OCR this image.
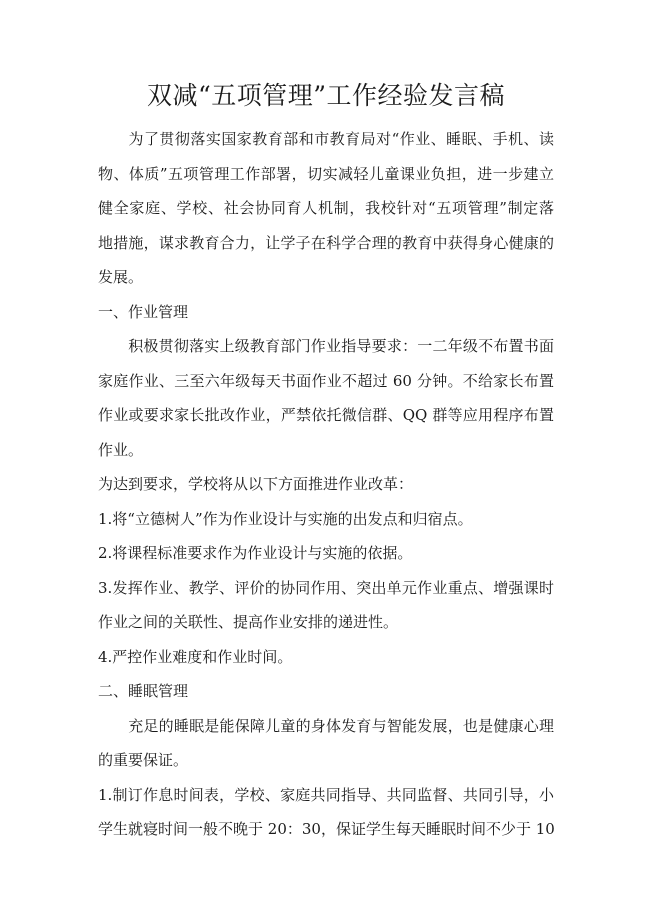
双减“五项管理”工作经验发言稿

为了贯彻落实国家教育部和市教育局对“作业、睡眠、手机、读
物、体质”五项管理工作部署，切实减轻儿童课业负担，进一步建立
健全家庭、学校、社会协同育人机制，我校针对“五项管理”制定落
地措施，谋求教育合力，让学子在科学合理的教育中获得身心健康的
发展。

一、作业管理

积极贯彻落实上级教育部门作业指导要求：一二年级不布置书面
家庭作业、三至六年级每天书面作业不超过 60 分钟。不给家长布置
作业或要求家长批改作业，严禁依托微信群、QQ 群等应用程序布置
作业。

为达到要求，学校将从以下方面推进作业改革：

1.将“立德树人”作为作业设计与实施的出发点和归宿点。

2.将课程标准要求作为作业设计与实施的依据。

3.发挥作业、教学、评价的协同作用、突出单元作业重点、增强课时
作业之间的关联性、提高作业安排的递进性。

4.严控作业难度和作业时间。

二、睡眠管理

充足的睡眠是能保障儿童的身体发育与智能发展，也是健康心理
的重要保证。

1.制订作息时间表，学校、家庭共同指导、共同监督、共同引导，小
学生就寝时间一般不晚于 20：30，保证学生每天睡眠时间不少于 10
